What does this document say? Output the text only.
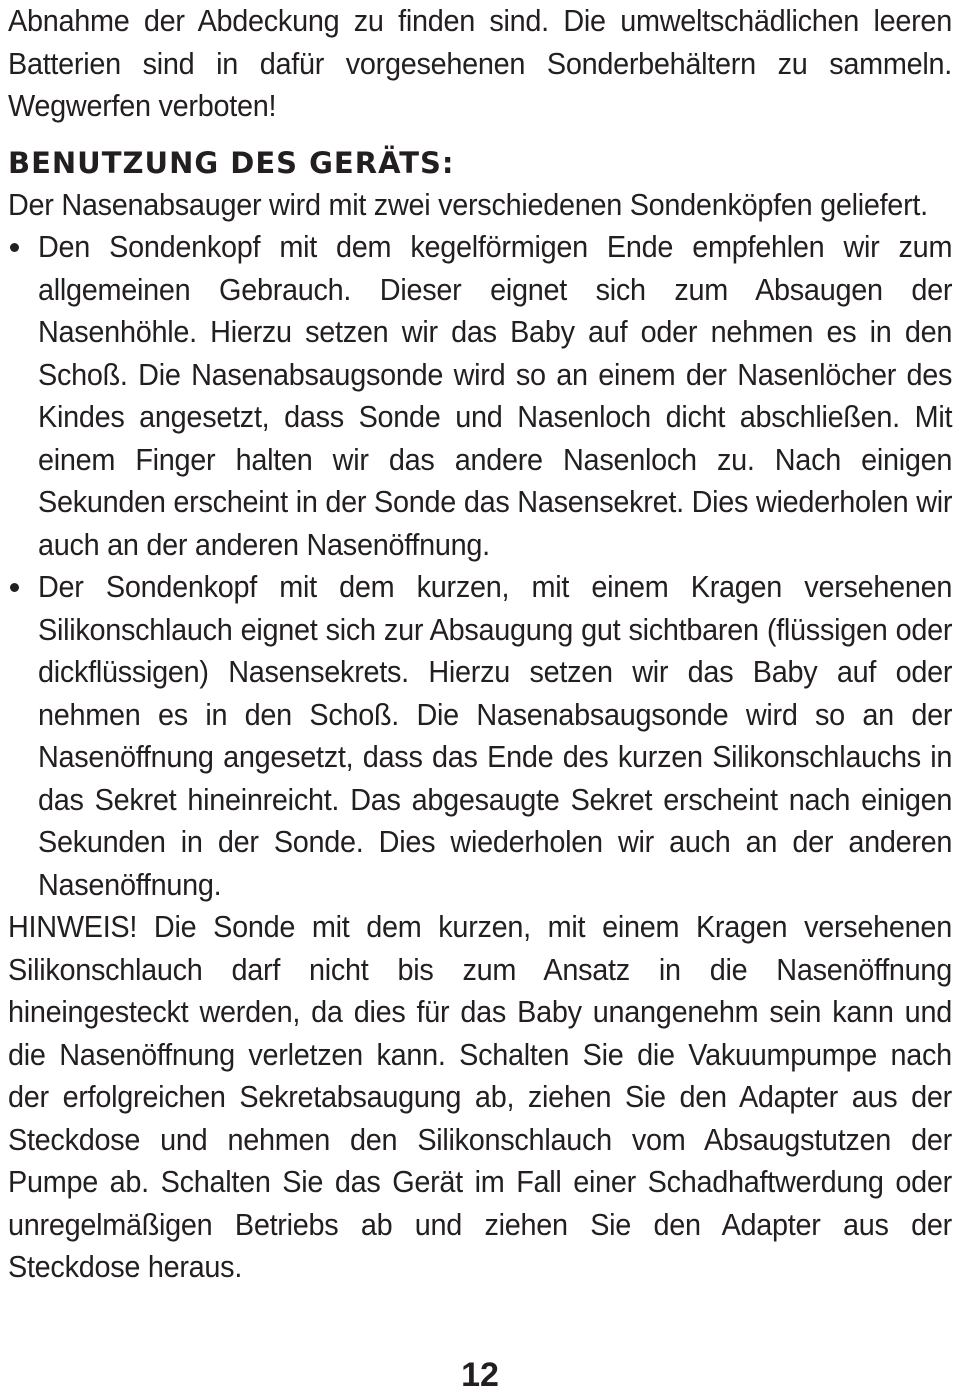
Abnahme der Abdeckung zu finden sind. Die umweltschädlichen leeren Batterien sind in dafür vorgesehenen Sonderbehältern zu sammeln. Wegwerfen verboten!

BENUTZUNG DES GERÄTS:

Der Nasenabsauger wird mit zwei verschiedenen Sondenköpfen geliefert.

Den Sondenkopf mit dem kegelförmigen Ende empfehlen wir zum allgemeinen Gebrauch. Dieser eignet sich zum Absaugen der Nasenhöhle. Hierzu setzen wir das Baby auf oder nehmen es in den Schoß. Die Nasenabsaugsonde wird so an einem der Nasenlöcher des Kindes angesetzt, dass Sonde und Nasenloch dicht abschließen. Mit einem Finger halten wir das andere Nasenloch zu. Nach einigen Sekunden erscheint in der Sonde das Nasensekret. Dies wiederholen wir auch an der anderen Nasenöffnung.

Der Sondenkopf mit dem kurzen, mit einem Kragen versehenen Silikonschlauch eignet sich zur Absaugung gut sichtbaren (flüssigen oder dickflüssigen) Nasensekrets. Hierzu setzen wir das Baby auf oder nehmen es in den Schoß. Die Nasenabsaugsonde wird so an der Nasenöffnung angesetzt, dass das Ende des kurzen Silikonschlauchs in das Sekret hineinreicht. Das abgesaugte Sekret erscheint nach einigen Sekunden in der Sonde. Dies wiederholen wir auch an der anderen Nasenöffnung.

HINWEIS! Die Sonde mit dem kurzen, mit einem Kragen versehenen Silikonschlauch darf nicht bis zum Ansatz in die Nasenöffnung hineingesteckt werden, da dies für das Baby unangenehm sein kann und die Nasenöffnung verletzen kann. Schalten Sie die Vakuumpumpe nach der erfolgreichen Sekretabsaugung ab, ziehen Sie den Adapter aus der Steckdose und nehmen den Silikonschlauch vom Absaugstutzen der Pumpe ab. Schalten Sie das Gerät im Fall einer Schadhaftwerdung oder unregelmäßigen Betriebs ab und ziehen Sie den Adapter aus der Steckdose heraus.

12
